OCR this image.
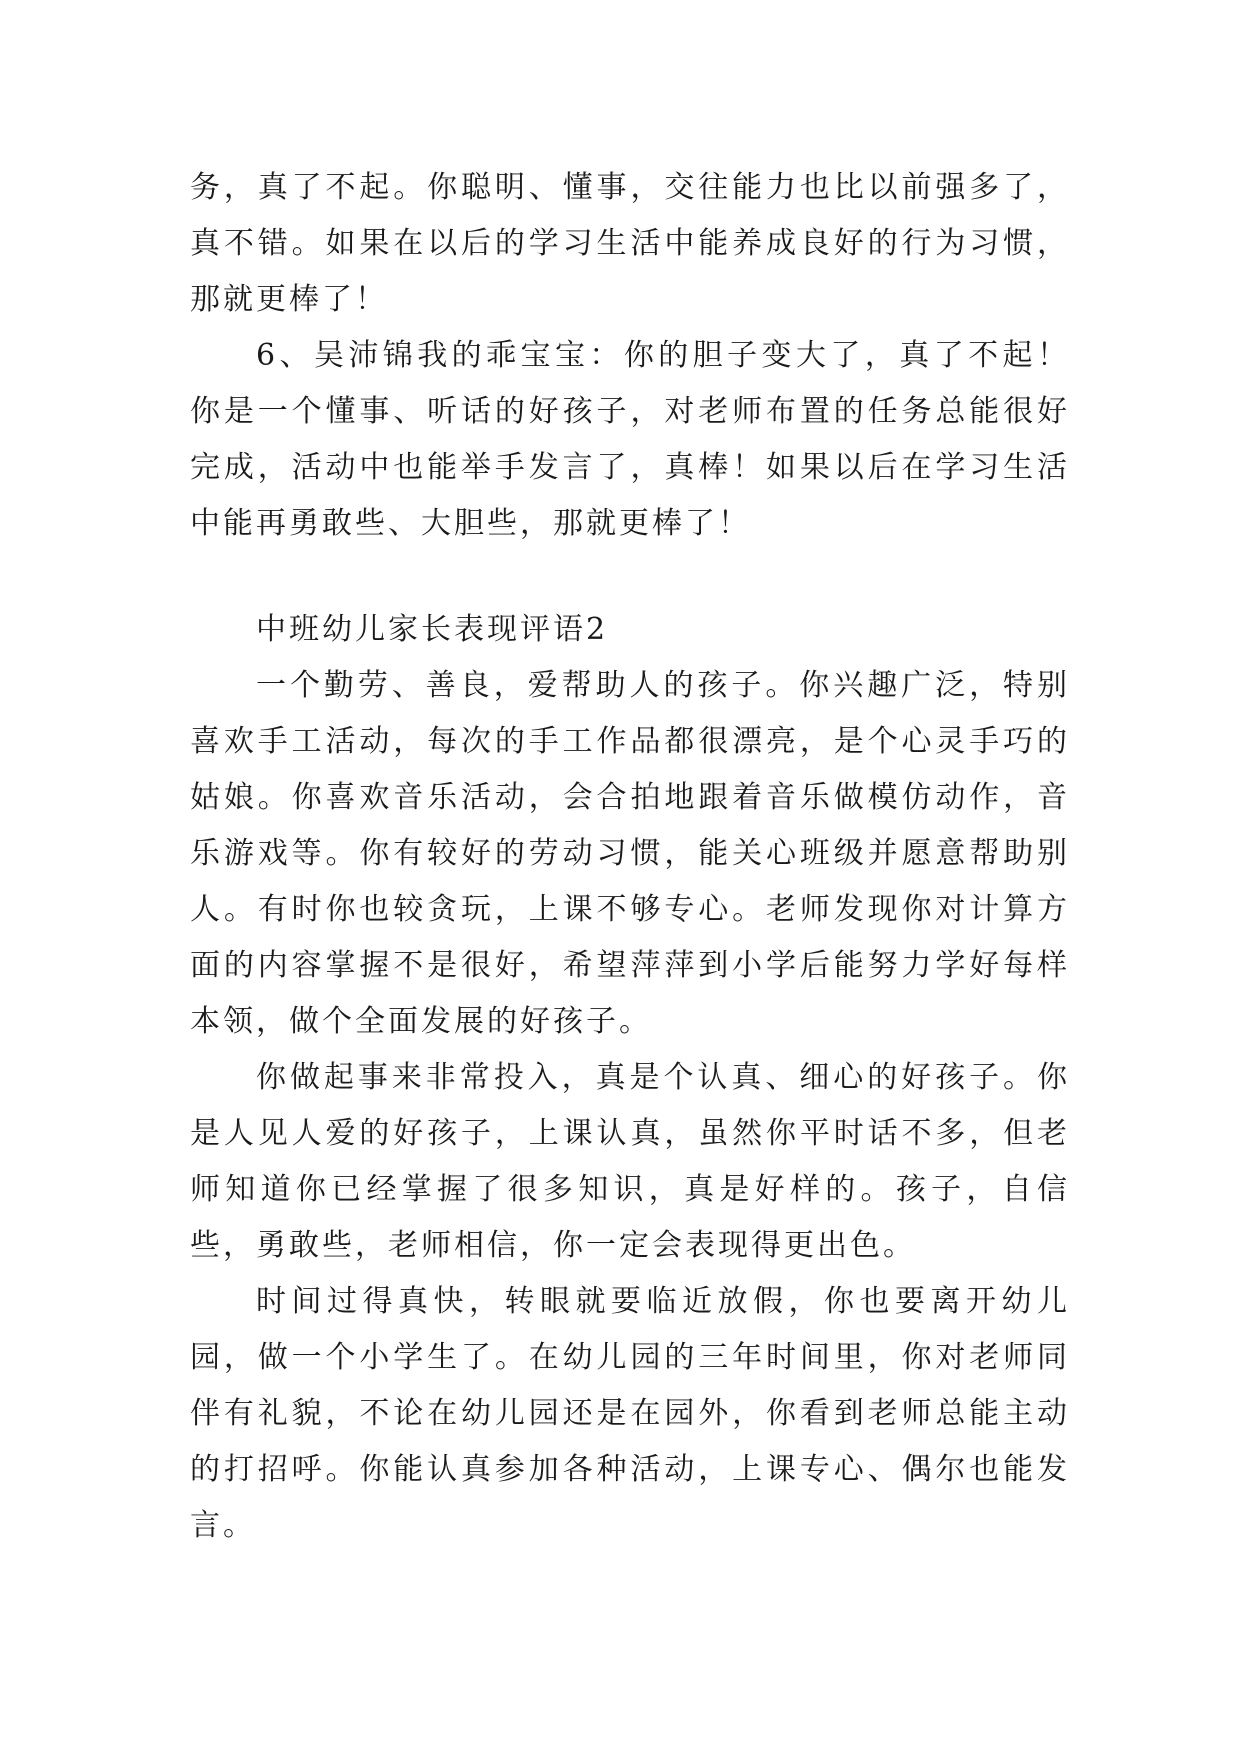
务，真了不起。你聪明、懂事，交往能力也比以前强多了，真不错。如果在以后的学习生活中能养成良好的行为习惯，那就更棒了！

6、吴沛锦我的乖宝宝：你的胆子变大了，真了不起！你是一个懂事、听话的好孩子，对老师布置的任务总能很好完成，活动中也能举手发言了，真棒！如果以后在学习生活中能再勇敢些、大胆些，那就更棒了！

中班幼儿家长表现评语2

一个勤劳、善良，爱帮助人的孩子。你兴趣广泛，特别喜欢手工活动，每次的手工作品都很漂亮，是个心灵手巧的姑娘。你喜欢音乐活动，会合拍地跟着音乐做模仿动作，音乐游戏等。你有较好的劳动习惯，能关心班级并愿意帮助别人。有时你也较贪玩，上课不够专心。老师发现你对计算方面的内容掌握不是很好，希望萍萍到小学后能努力学好每样本领，做个全面发展的好孩子。

你做起事来非常投入，真是个认真、细心的好孩子。你是人见人爱的好孩子，上课认真，虽然你平时话不多，但老师知道你已经掌握了很多知识，真是好样的。孩子，自信些，勇敢些，老师相信，你一定会表现得更出色。

时间过得真快，转眼就要临近放假，你也要离开幼儿园，做一个小学生了。在幼儿园的三年时间里，你对老师同伴有礼貌，不论在幼儿园还是在园外，你看到老师总能主动的打招呼。你能认真参加各种活动，上课专心、偶尔也能发言。
